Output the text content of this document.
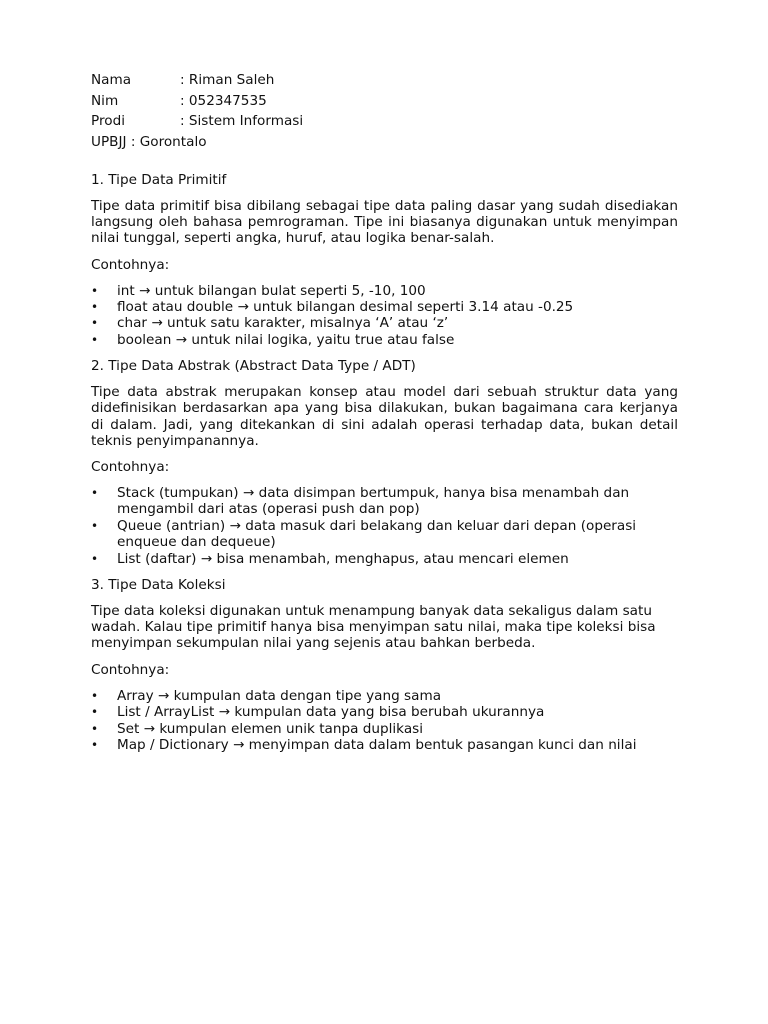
Nama	: Riman Saleh
Nim	: 052347535
Prodi	: Sistem Informasi
UPBJJ : Gorontalo

1. Tipe Data Primitif

Tipe data primitif bisa dibilang sebagai tipe data paling dasar yang sudah disediakan langsung oleh bahasa pemrograman. Tipe ini biasanya digunakan untuk menyimpan nilai tunggal, seperti angka, huruf, atau logika benar-salah.

Contohnya:

•	int → untuk bilangan bulat seperti 5, -10, 100
•	float atau double → untuk bilangan desimal seperti 3.14 atau -0.25
•	char → untuk satu karakter, misalnya ‘A’ atau ‘z’
•	boolean → untuk nilai logika, yaitu true atau false

2. Tipe Data Abstrak (Abstract Data Type / ADT)

Tipe data abstrak merupakan konsep atau model dari sebuah struktur data yang didefinisikan berdasarkan apa yang bisa dilakukan, bukan bagaimana cara kerjanya di dalam. Jadi, yang ditekankan di sini adalah operasi terhadap data, bukan detail teknis penyimpanannya.

Contohnya:

•	Stack (tumpukan) → data disimpan bertumpuk, hanya bisa menambah dan mengambil dari atas (operasi push dan pop)
•	Queue (antrian) → data masuk dari belakang dan keluar dari depan (operasi enqueue dan dequeue)
•	List (daftar) → bisa menambah, menghapus, atau mencari elemen

3. Tipe Data Koleksi

Tipe data koleksi digunakan untuk menampung banyak data sekaligus dalam satu wadah. Kalau tipe primitif hanya bisa menyimpan satu nilai, maka tipe koleksi bisa menyimpan sekumpulan nilai yang sejenis atau bahkan berbeda.

Contohnya:

•	Array → kumpulan data dengan tipe yang sama
•	List / ArrayList → kumpulan data yang bisa berubah ukurannya
•	Set → kumpulan elemen unik tanpa duplikasi
•	Map / Dictionary → menyimpan data dalam bentuk pasangan kunci dan nilai
